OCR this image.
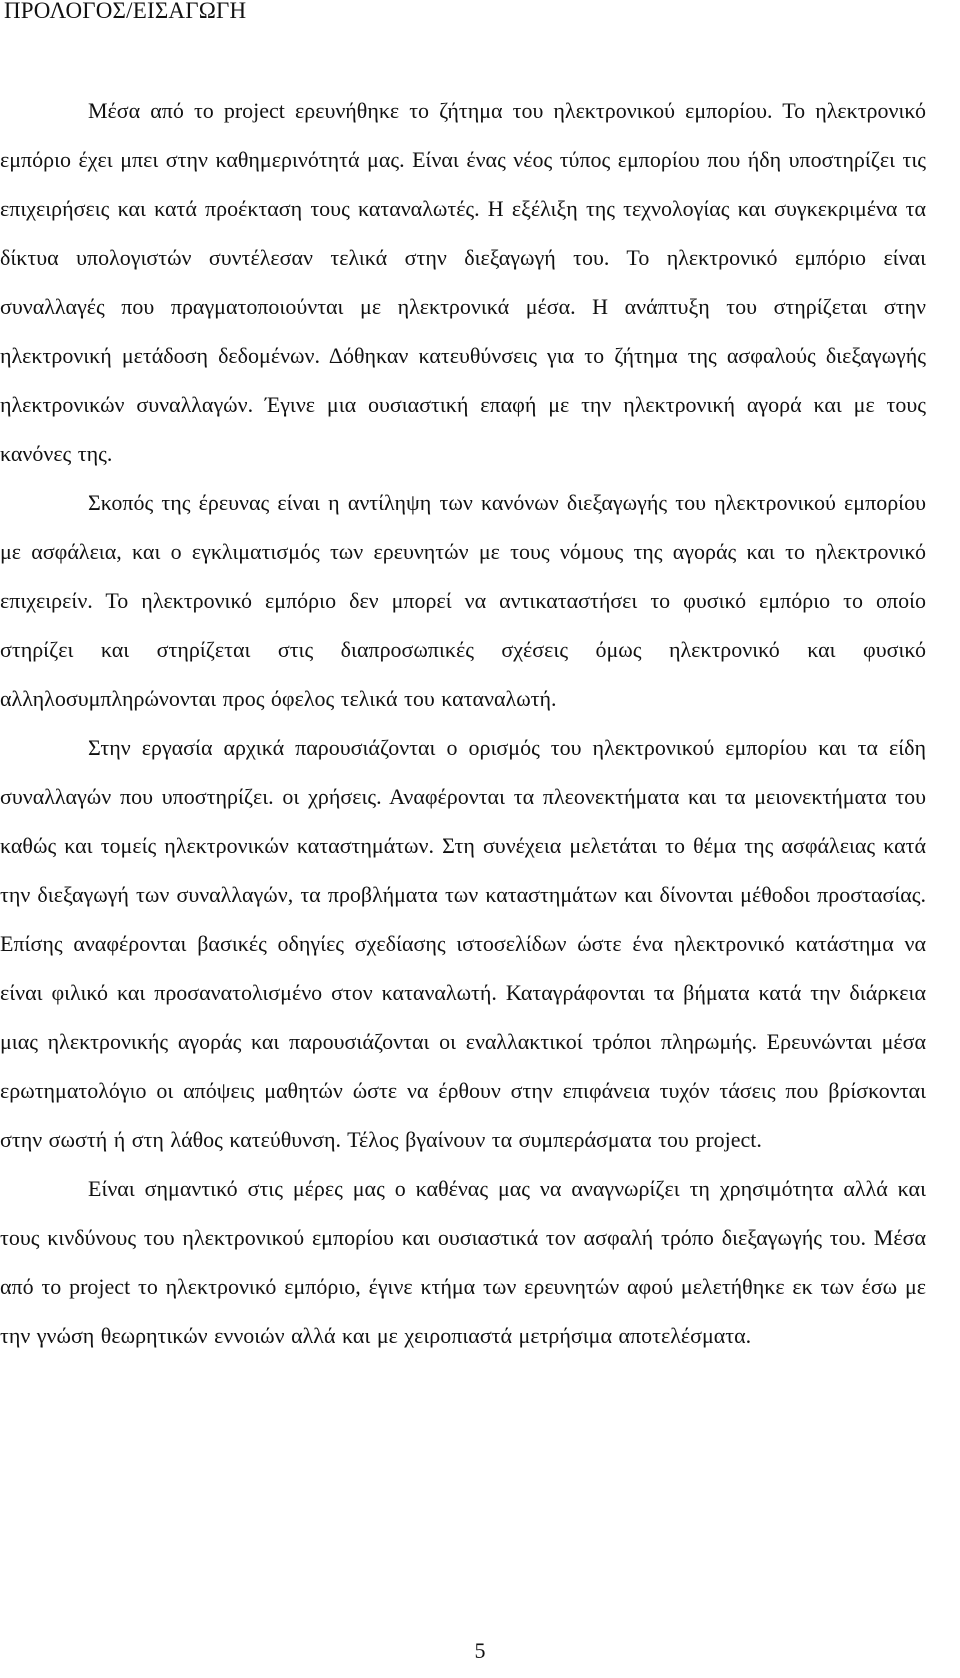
ΠΡΟΛΟΓΟΣ/ΕΙΣΑΓΩΓΗ

Μέσα από το project ερευνήθηκε το ζήτημα του ηλεκτρονικού εμπορίου. Το ηλεκτρονικό εμπόριο έχει μπει στην καθημερινότητά μας. Είναι ένας νέος τύπος εμπορίου που ήδη υποστηρίζει τις επιχειρήσεις και κατά προέκταση τους καταναλωτές. Η εξέλιξη της τεχνολογίας και συγκεκριμένα τα δίκτυα υπολογιστών συντέλεσαν τελικά στην διεξαγωγή του. Το ηλεκτρονικό εμπόριο είναι συναλλαγές που πραγματοποιούνται με ηλεκτρονικά μέσα. Η ανάπτυξη του στηρίζεται στην ηλεκτρονική μετάδοση δεδομένων. Δόθηκαν κατευθύνσεις για το ζήτημα της ασφαλούς διεξαγωγής ηλεκτρονικών συναλλαγών. Έγινε μια ουσιαστική επαφή με την ηλεκτρονική αγορά και με τους κανόνες της.

Σκοπός της έρευνας είναι η αντίληψη των κανόνων διεξαγωγής του ηλεκτρονικού εμπορίου με ασφάλεια, και ο εγκλιματισμός των ερευνητών με τους νόμους της αγοράς και το ηλεκτρονικό επιχειρείν. Το ηλεκτρονικό εμπόριο δεν μπορεί να αντικαταστήσει το φυσικό εμπόριο το οποίο στηρίζει και στηρίζεται στις διαπροσωπικές σχέσεις όμως ηλεκτρονικό και φυσικό αλληλοσυμπληρώνονται προς όφελος τελικά του καταναλωτή.

Στην εργασία αρχικά παρουσιάζονται ο ορισμός του ηλεκτρονικού εμπορίου και τα είδη συναλλαγών που υποστηρίζει. οι χρήσεις. Αναφέρονται τα πλεονεκτήματα και τα μειονεκτήματα του καθώς και τομείς ηλεκτρονικών καταστημάτων. Στη συνέχεια μελετάται το θέμα της ασφάλειας κατά την διεξαγωγή των συναλλαγών, τα προβλήματα των καταστημάτων και δίνονται μέθοδοι προστασίας. Επίσης αναφέρονται βασικές οδηγίες σχεδίασης ιστοσελίδων ώστε ένα ηλεκτρονικό κατάστημα να είναι φιλικό και προσανατολισμένο στον καταναλωτή. Καταγράφονται τα βήματα κατά την διάρκεια μιας ηλεκτρονικής αγοράς και παρουσιάζονται οι εναλλακτικοί τρόποι πληρωμής. Ερευνώνται μέσα ερωτηματολόγιο οι απόψεις μαθητών ώστε να έρθουν στην επιφάνεια τυχόν τάσεις που βρίσκονται στην σωστή ή στη λάθος κατεύθυνση. Τέλος βγαίνουν τα συμπεράσματα του project.

Είναι σημαντικό στις μέρες μας ο καθένας μας να αναγνωρίζει τη χρησιμότητα αλλά και τους κινδύνους του ηλεκτρονικού εμπορίου και ουσιαστικά τον ασφαλή τρόπο διεξαγωγής του. Μέσα από το project το ηλεκτρονικό εμπόριο, έγινε κτήμα των ερευνητών αφού μελετήθηκε εκ των έσω με την γνώση θεωρητικών εννοιών αλλά και με χειροπιαστά μετρήσιμα αποτελέσματα.

5
